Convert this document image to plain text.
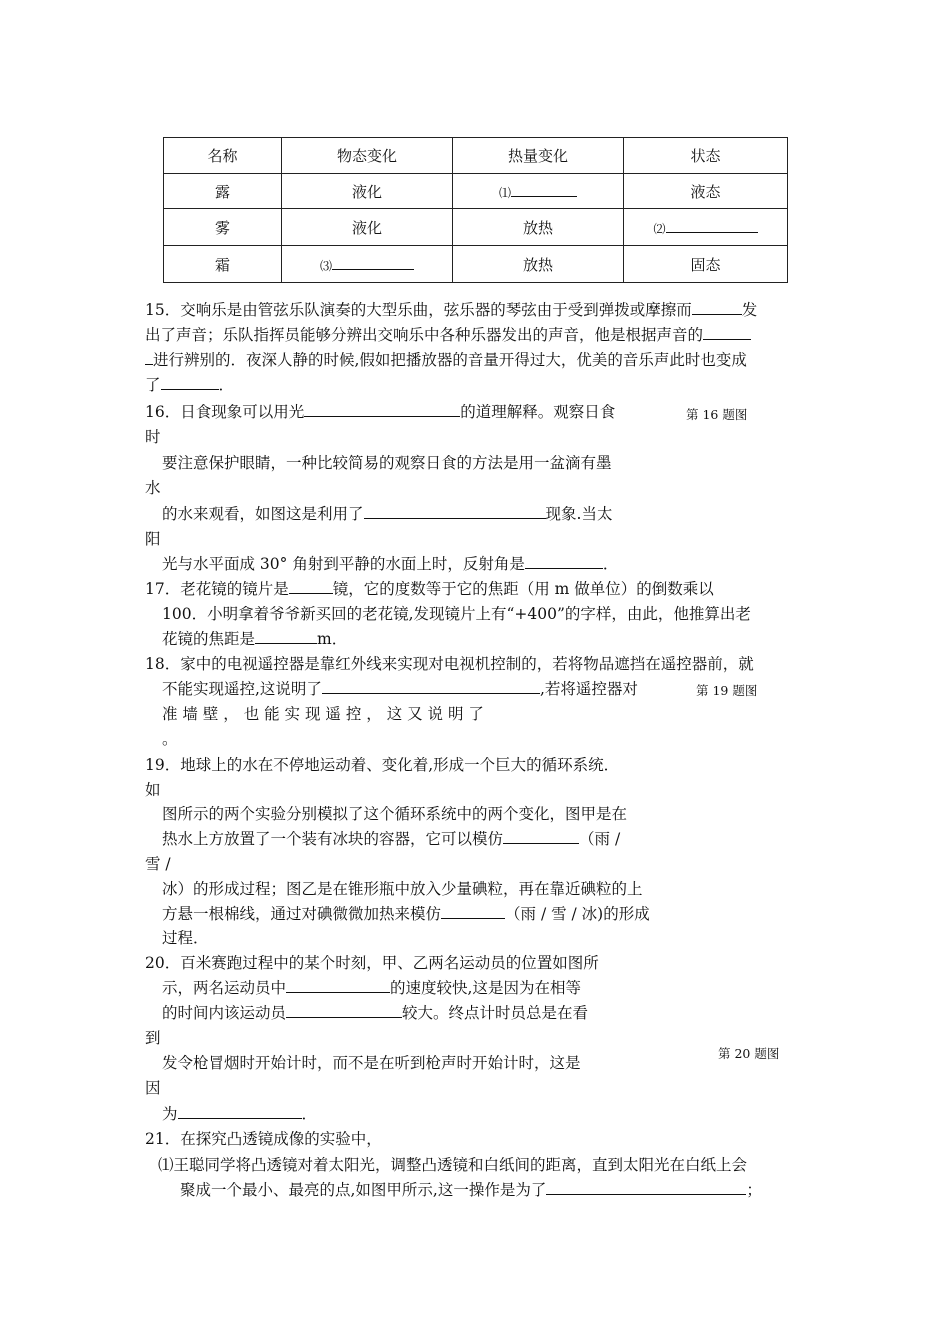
名称	物态变化	热量变化	状态
露	液化	⑴	液态
雾	液化	放热	⑵
霜	⑶	放热	固态
15．交响乐是由管弦乐队演奏的大型乐曲，弦乐器的琴弦由于受到弹拨或摩擦而	发
出了声音；乐队指挥员能够分辨出交响乐中各种乐器发出的声音，他是根据声音的
进行辨别的．夜深人静的时候,假如把播放器的音量开得过大，优美的音乐声此时也变成
了	．
16．日食现象可以用光	的道理解释。观察日食	第 16 题图
时
要注意保护眼睛，一种比较简易的观察日食的方法是用一盆滴有墨
水
的水来观看，如图这是利用了	现象.当太
阳
光与水平面成 30° 角射到平静的水面上时，反射角是	．
17．老花镜的镜片是	镜，它的度数等于它的焦距（用 m 做单位）的倒数乘以
100．小明拿着爷爷新买回的老花镜,发现镜片上有“+400”的字样，由此，他推算出老
花镜的焦距是	m．
18．家中的电视遥控器是靠红外线来实现对电视机控制的，若将物品遮挡在遥控器前，就
不能实现遥控,这说明了	,若将遥控器对	第 19 题图
准 墙 壁 ， 也 能 实 现 遥 控 ， 这 又 说 明 了
。
19．地球上的水在不停地运动着、变化着,形成一个巨大的循环系统．
如
图所示的两个实验分别模拟了这个循环系统中的两个变化，图甲是在
热水上方放置了一个装有冰块的容器，它可以模仿	（雨 /
雪 /
冰）的形成过程；图乙是在锥形瓶中放入少量碘粒，再在靠近碘粒的上
方悬一根棉线，通过对碘微微加热来模仿	（雨 / 雪 / 冰)的形成
过程．
20．百米赛跑过程中的某个时刻，甲、乙两名运动员的位置如图所
示，两名运动员中	的速度较快,这是因为在相等
的时间内该运动员	较大。终点计时员总是在看
到
第 20 题图
发令枪冒烟时开始计时，而不是在听到枪声时开始计时，这是
因
为	．
21．在探究凸透镜成像的实验中，
⑴王聪同学将凸透镜对着太阳光，调整凸透镜和白纸间的距离，直到太阳光在白纸上会
聚成一个最小、最亮的点,如图甲所示,这一操作是为了	；
